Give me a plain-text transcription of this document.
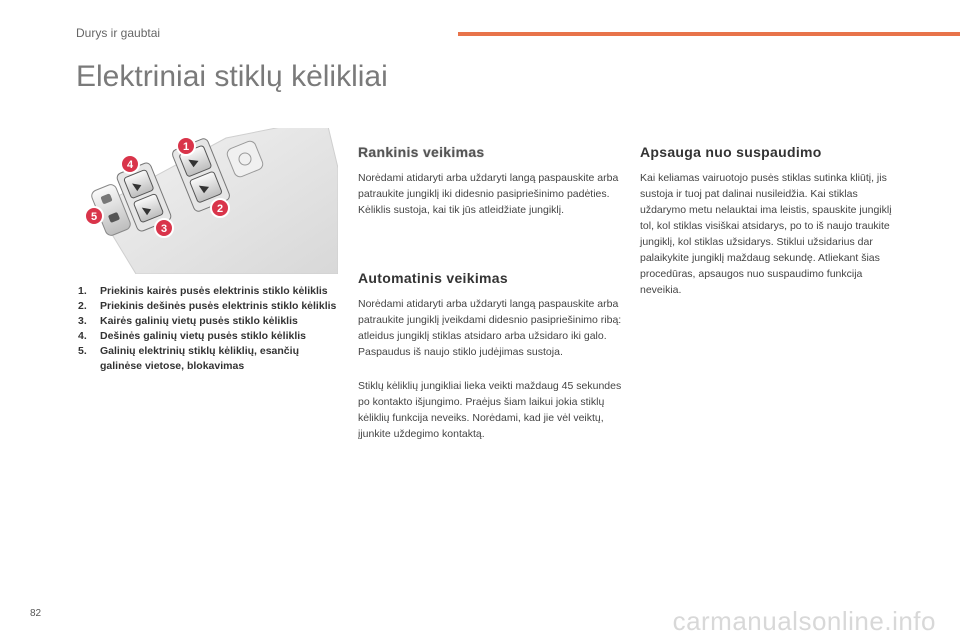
Durys ir gaubtai
Elektriniai stiklų kėlikliai
1
2
3
4
5
1.	Priekinis kairės pusės elektrinis stiklo kėliklis
2.	Priekinis dešinės pusės elektrinis stiklo kėliklis
3.	Kairės galinių vietų pusės stiklo kėliklis
4.	Dešinės galinių vietų pusės stiklo kėliklis
5.	Galinių elektrinių stiklų kėliklių, esančių galinėse vietose, blokavimas
Rankinis veikimas

Norėdami atidaryti arba uždaryti langą paspauskite arba patraukite jungiklį iki didesnio pasipriešinimo padėties. Kėliklis sustoja, kai tik jūs atleidžiate jungiklį.

Automatinis veikimas

Norėdami atidaryti arba uždaryti langą paspauskite arba patraukite jungiklį įveikdami didesnio pasipriešinimo ribą: atleidus jungiklį stiklas atsidaro arba užsidaro iki galo. Paspaudus iš naujo stiklo judėjimas sustoja.

Stiklų kėliklių jungikliai lieka veikti maždaug 45 sekundes po kontakto išjungimo. Praėjus šiam laikui jokia stiklų kėliklių funkcija neveiks. Norėdami, kad jie vėl veiktų, įjunkite uždegimo kontaktą.

Apsauga nuo suspaudimo

Kai keliamas vairuotojo pusės stiklas sutinka kliūtį, jis sustoja ir tuoj pat dalinai nusileidžia. Kai stiklas uždarymo metu nelauktai ima leistis, spauskite jungiklį tol, kol stiklas visiškai atsidarys, po to iš naujo traukite jungiklį, kol stiklas užsidarys. Stiklui užsidarius dar palaikykite jungiklį maždaug sekundę. Atliekant šias procedūras, apsaugos nuo suspaudimo funkcija neveikia.

82	carmanualsonline.info
